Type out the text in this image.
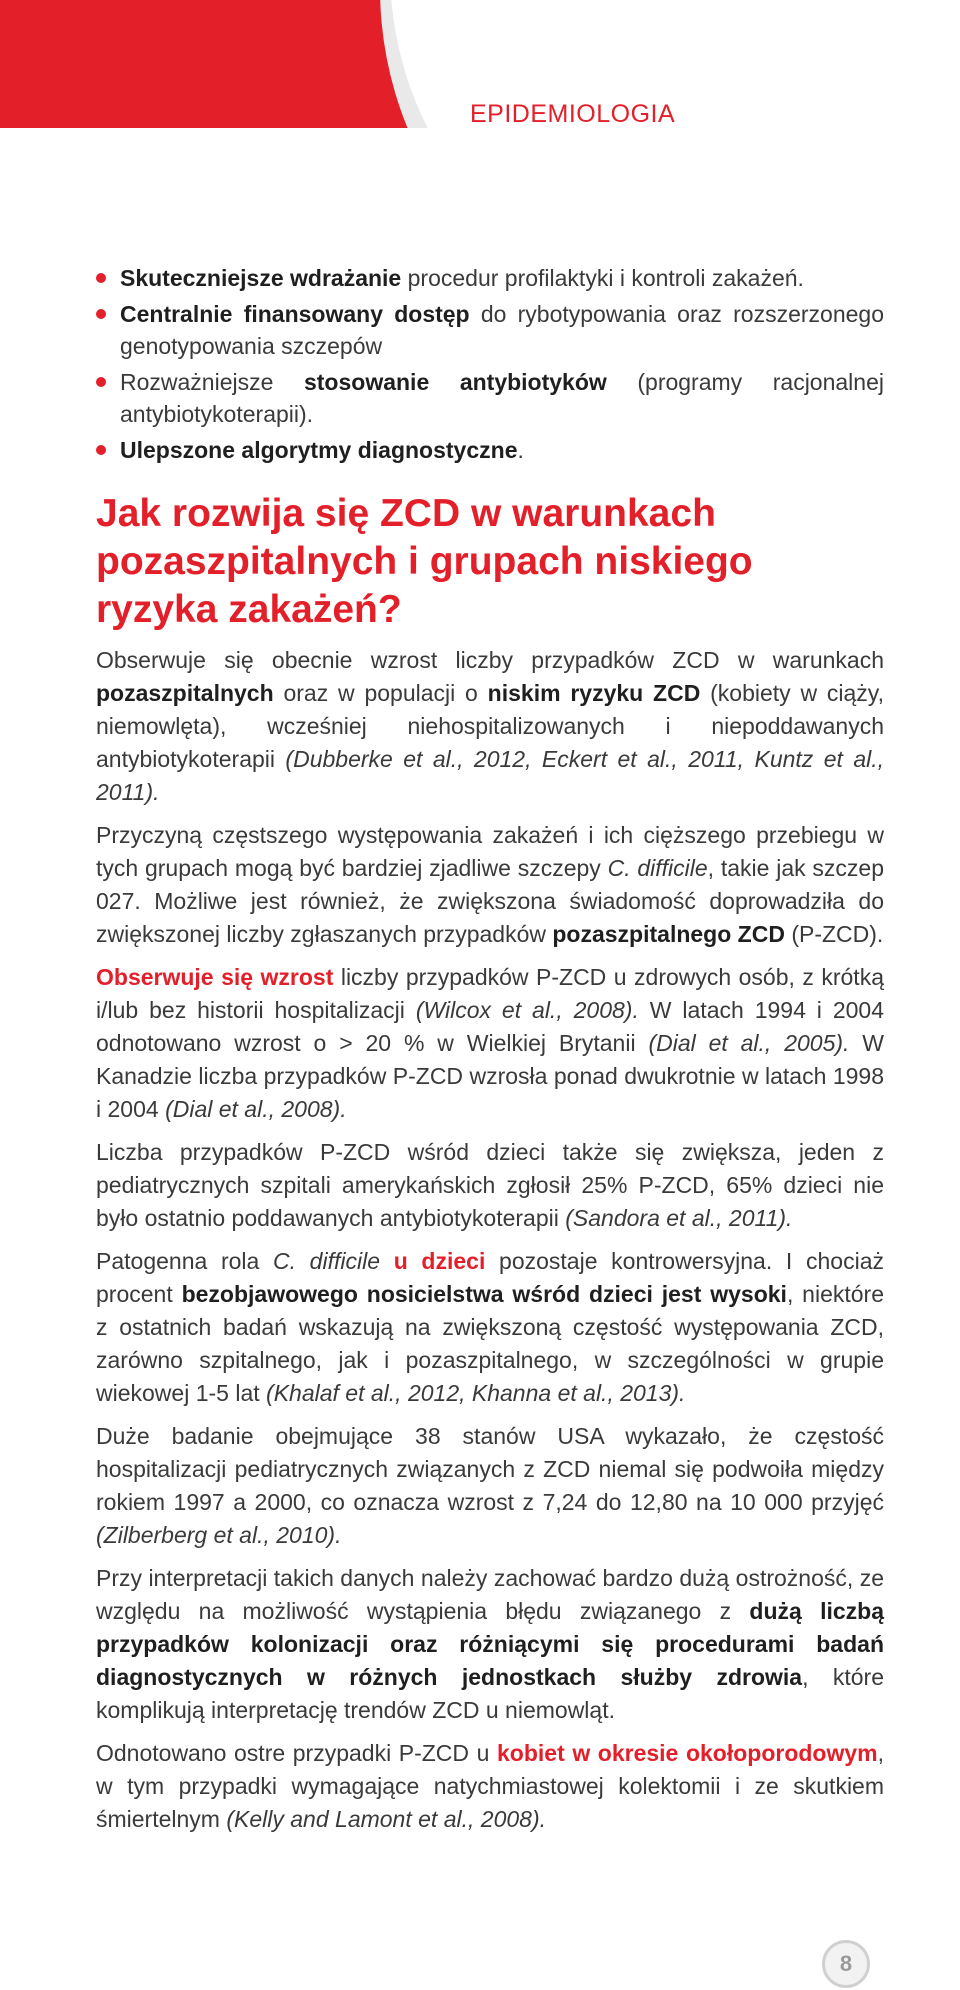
EPIDEMIOLOGIA
Skuteczniejsze wdrażanie procedur profilaktyki i kontroli zakażeń.
Centralnie finansowany dostęp do rybotypowania oraz rozszerzonego genotypowania szczepów
Rozważniejsze stosowanie antybiotyków (programy racjonalnej antybiotykoterapii).
Ulepszone algorytmy diagnostyczne.
Jak rozwija się ZCD w warunkach pozaszpitalnych i grupach niskiego ryzyka zakażeń?

Obserwuje się obecnie wzrost liczby przypadków ZCD w warunkach pozaszpitalnych oraz w populacji o niskim ryzyku ZCD (kobiety w ciąży, niemowlęta), wcześniej niehospitalizowanych i niepoddawanych antybiotykoterapii (Dubberke et al., 2012, Eckert et al., 2011, Kuntz et al., 2011).

Przyczyną częstszego występowania zakażeń i ich cięższego przebiegu w tych grupach mogą być bardziej zjadliwe szczepy C. difficile, takie jak szczep 027. Możliwe jest również, że zwiększona świadomość doprowadziła do zwiększonej liczby zgłaszanych przypadków pozaszpitalnego ZCD (P-ZCD).

Obserwuje się wzrost liczby przypadków P-ZCD u zdrowych osób, z krótką i/lub bez historii hospitalizacji (Wilcox et al., 2008). W latach 1994 i 2004 odnotowano wzrost o > 20 % w Wielkiej Brytanii (Dial et al., 2005). W Kanadzie liczba przypadków P-ZCD wzrosła ponad dwukrotnie w latach 1998 i 2004 (Dial et al., 2008).

Liczba przypadków P-ZCD wśród dzieci także się zwiększa, jeden z pediatrycznych szpitali amerykańskich zgłosił 25% P-ZCD, 65% dzieci nie było ostatnio poddawanych antybiotykoterapii (Sandora et al., 2011).

Patogenna rola C. difficile u dzieci pozostaje kontrowersyjna. I chociaż procent bezobjawowego nosicielstwa wśród dzieci jest wysoki, niektóre z ostatnich badań wskazują na zwiększoną częstość występowania ZCD, zarówno szpitalnego, jak i pozaszpitalnego, w szczególności w grupie wiekowej 1-5 lat (Khalaf et al., 2012, Khanna et al., 2013).

Duże badanie obejmujące 38 stanów USA wykazało, że częstość hospitalizacji pediatrycznych związanych z ZCD niemal się podwoiła między rokiem 1997 a 2000, co oznacza wzrost z 7,24 do 12,80 na 10 000 przyjęć (Zilberberg et al., 2010).

Przy interpretacji takich danych należy zachować bardzo dużą ostrożność, ze względu na możliwość wystąpienia błędu związanego z dużą liczbą przypadków kolonizacji oraz różniącymi się procedurami badań diagnostycznych w różnych jednostkach służby zdrowia, które komplikują interpretację trendów ZCD u niemowląt.

Odnotowano ostre przypadki P-ZCD u kobiet w okresie okołoporodowym, w tym przypadki wymagające natychmiastowej kolektomii i ze skutkiem śmiertelnym (Kelly and Lamont et al., 2008).

8
